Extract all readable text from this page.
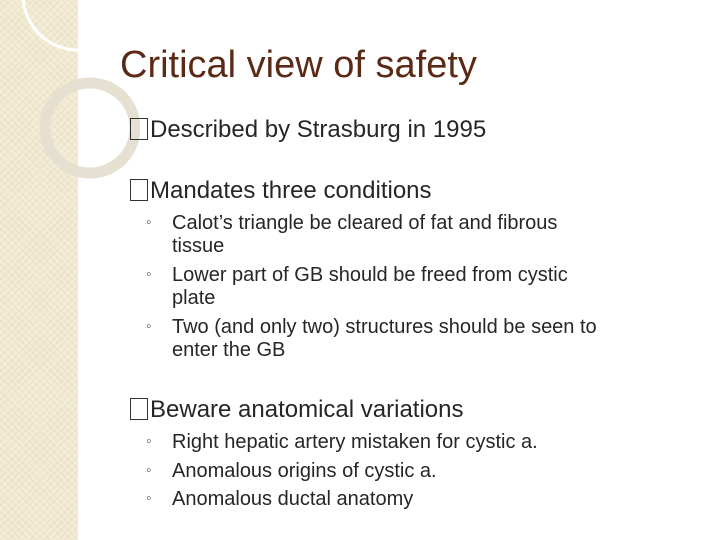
Critical view of safety
Described by Strasburg in 1995
Mandates three conditions
◦	Calot’s triangle be cleared of fat and fibrous
tissue
◦	Lower part of GB should be freed from cystic
plate
◦	Two (and only two) structures should be seen to
enter the GB
Beware anatomical variations
◦	Right hepatic artery mistaken for cystic a.
◦	Anomalous origins of cystic a.
◦	Anomalous ductal anatomy
